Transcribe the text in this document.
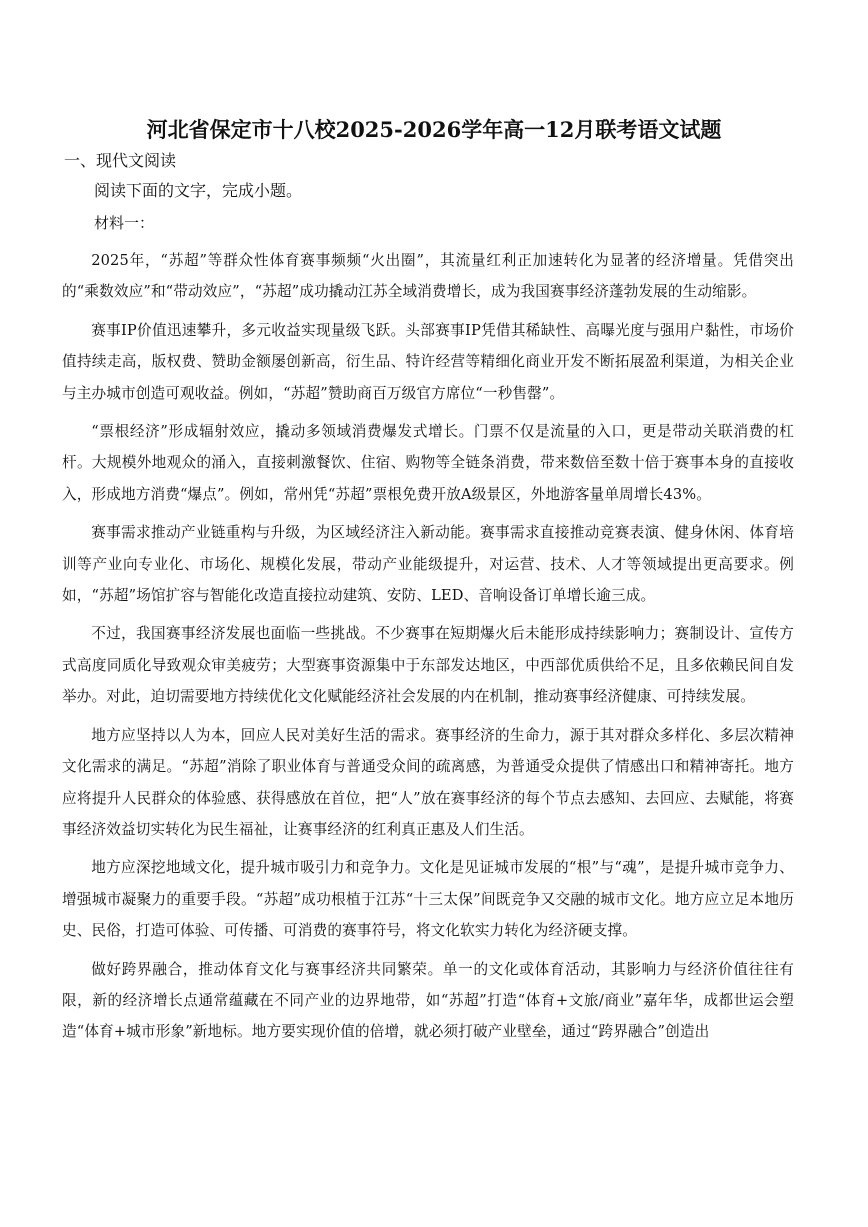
河北省保定市十八校2025-2026学年高一12月联考语文试题
一、现代文阅读
阅读下面的文字，完成小题。
材料一：

2025年，“苏超”等群众性体育赛事频频“火出圈”，其流量红利正加速转化为显著的经济增量。凭借突出的“乘数效应”和“带动效应”，“苏超”成功撬动江苏全域消费增长，成为我国赛事经济蓬勃发展的生动缩影。

赛事IP价值迅速攀升，多元收益实现量级飞跃。头部赛事IP凭借其稀缺性、高曝光度与强用户黏性，市场价值持续走高，版权费、赞助金额屡创新高，衍生品、特许经营等精细化商业开发不断拓展盈利渠道，为相关企业与主办城市创造可观收益。例如，“苏超”赞助商百万级官方席位“一秒售罄”。

“票根经济”形成辐射效应，撬动多领域消费爆发式增长。门票不仅是流量的入口，更是带动关联消费的杠杆。大规模外地观众的涌入，直接刺激餐饮、住宿、购物等全链条消费，带来数倍至数十倍于赛事本身的直接收入，形成地方消费“爆点”。例如，常州凭“苏超”票根免费开放A级景区，外地游客量单周增长43%。

赛事需求推动产业链重构与升级，为区域经济注入新动能。赛事需求直接推动竞赛表演、健身休闲、体育培训等产业向专业化、市场化、规模化发展，带动产业能级提升，对运营、技术、人才等领域提出更高要求。例如，“苏超”场馆扩容与智能化改造直接拉动建筑、安防、LED、音响设备订单增长逾三成。

不过，我国赛事经济发展也面临一些挑战。不少赛事在短期爆火后未能形成持续影响力；赛制设计、宣传方式高度同质化导致观众审美疲劳；大型赛事资源集中于东部发达地区，中西部优质供给不足，且多依赖民间自发举办。对此，迫切需要地方持续优化文化赋能经济社会发展的内在机制，推动赛事经济健康、可持续发展。

地方应坚持以人为本，回应人民对美好生活的需求。赛事经济的生命力，源于其对群众多样化、多层次精神文化需求的满足。“苏超”消除了职业体育与普通受众间的疏离感，为普通受众提供了情感出口和精神寄托。地方应将提升人民群众的体验感、获得感放在首位，把“人”放在赛事经济的每个节点去感知、去回应、去赋能，将赛事经济效益切实转化为民生福祉，让赛事经济的红利真正惠及人们生活。

地方应深挖地域文化，提升城市吸引力和竞争力。文化是见证城市发展的“根”与“魂”，是提升城市竞争力、增强城市凝聚力的重要手段。“苏超”成功根植于江苏“十三太保”间既竞争又交融的城市文化。地方应立足本地历史、民俗，打造可体验、可传播、可消费的赛事符号，将文化软实力转化为经济硬支撑。

做好跨界融合，推动体育文化与赛事经济共同繁荣。单一的文化或体育活动，其影响力与经济价值往往有限，新的经济增长点通常蕴藏在不同产业的边界地带，如“苏超”打造“体育+文旅/商业”嘉年华，成都世运会塑造“体育+城市形象”新地标。地方要实现价值的倍增，就必须打破产业壁垒，通过“跨界融合”创造出
